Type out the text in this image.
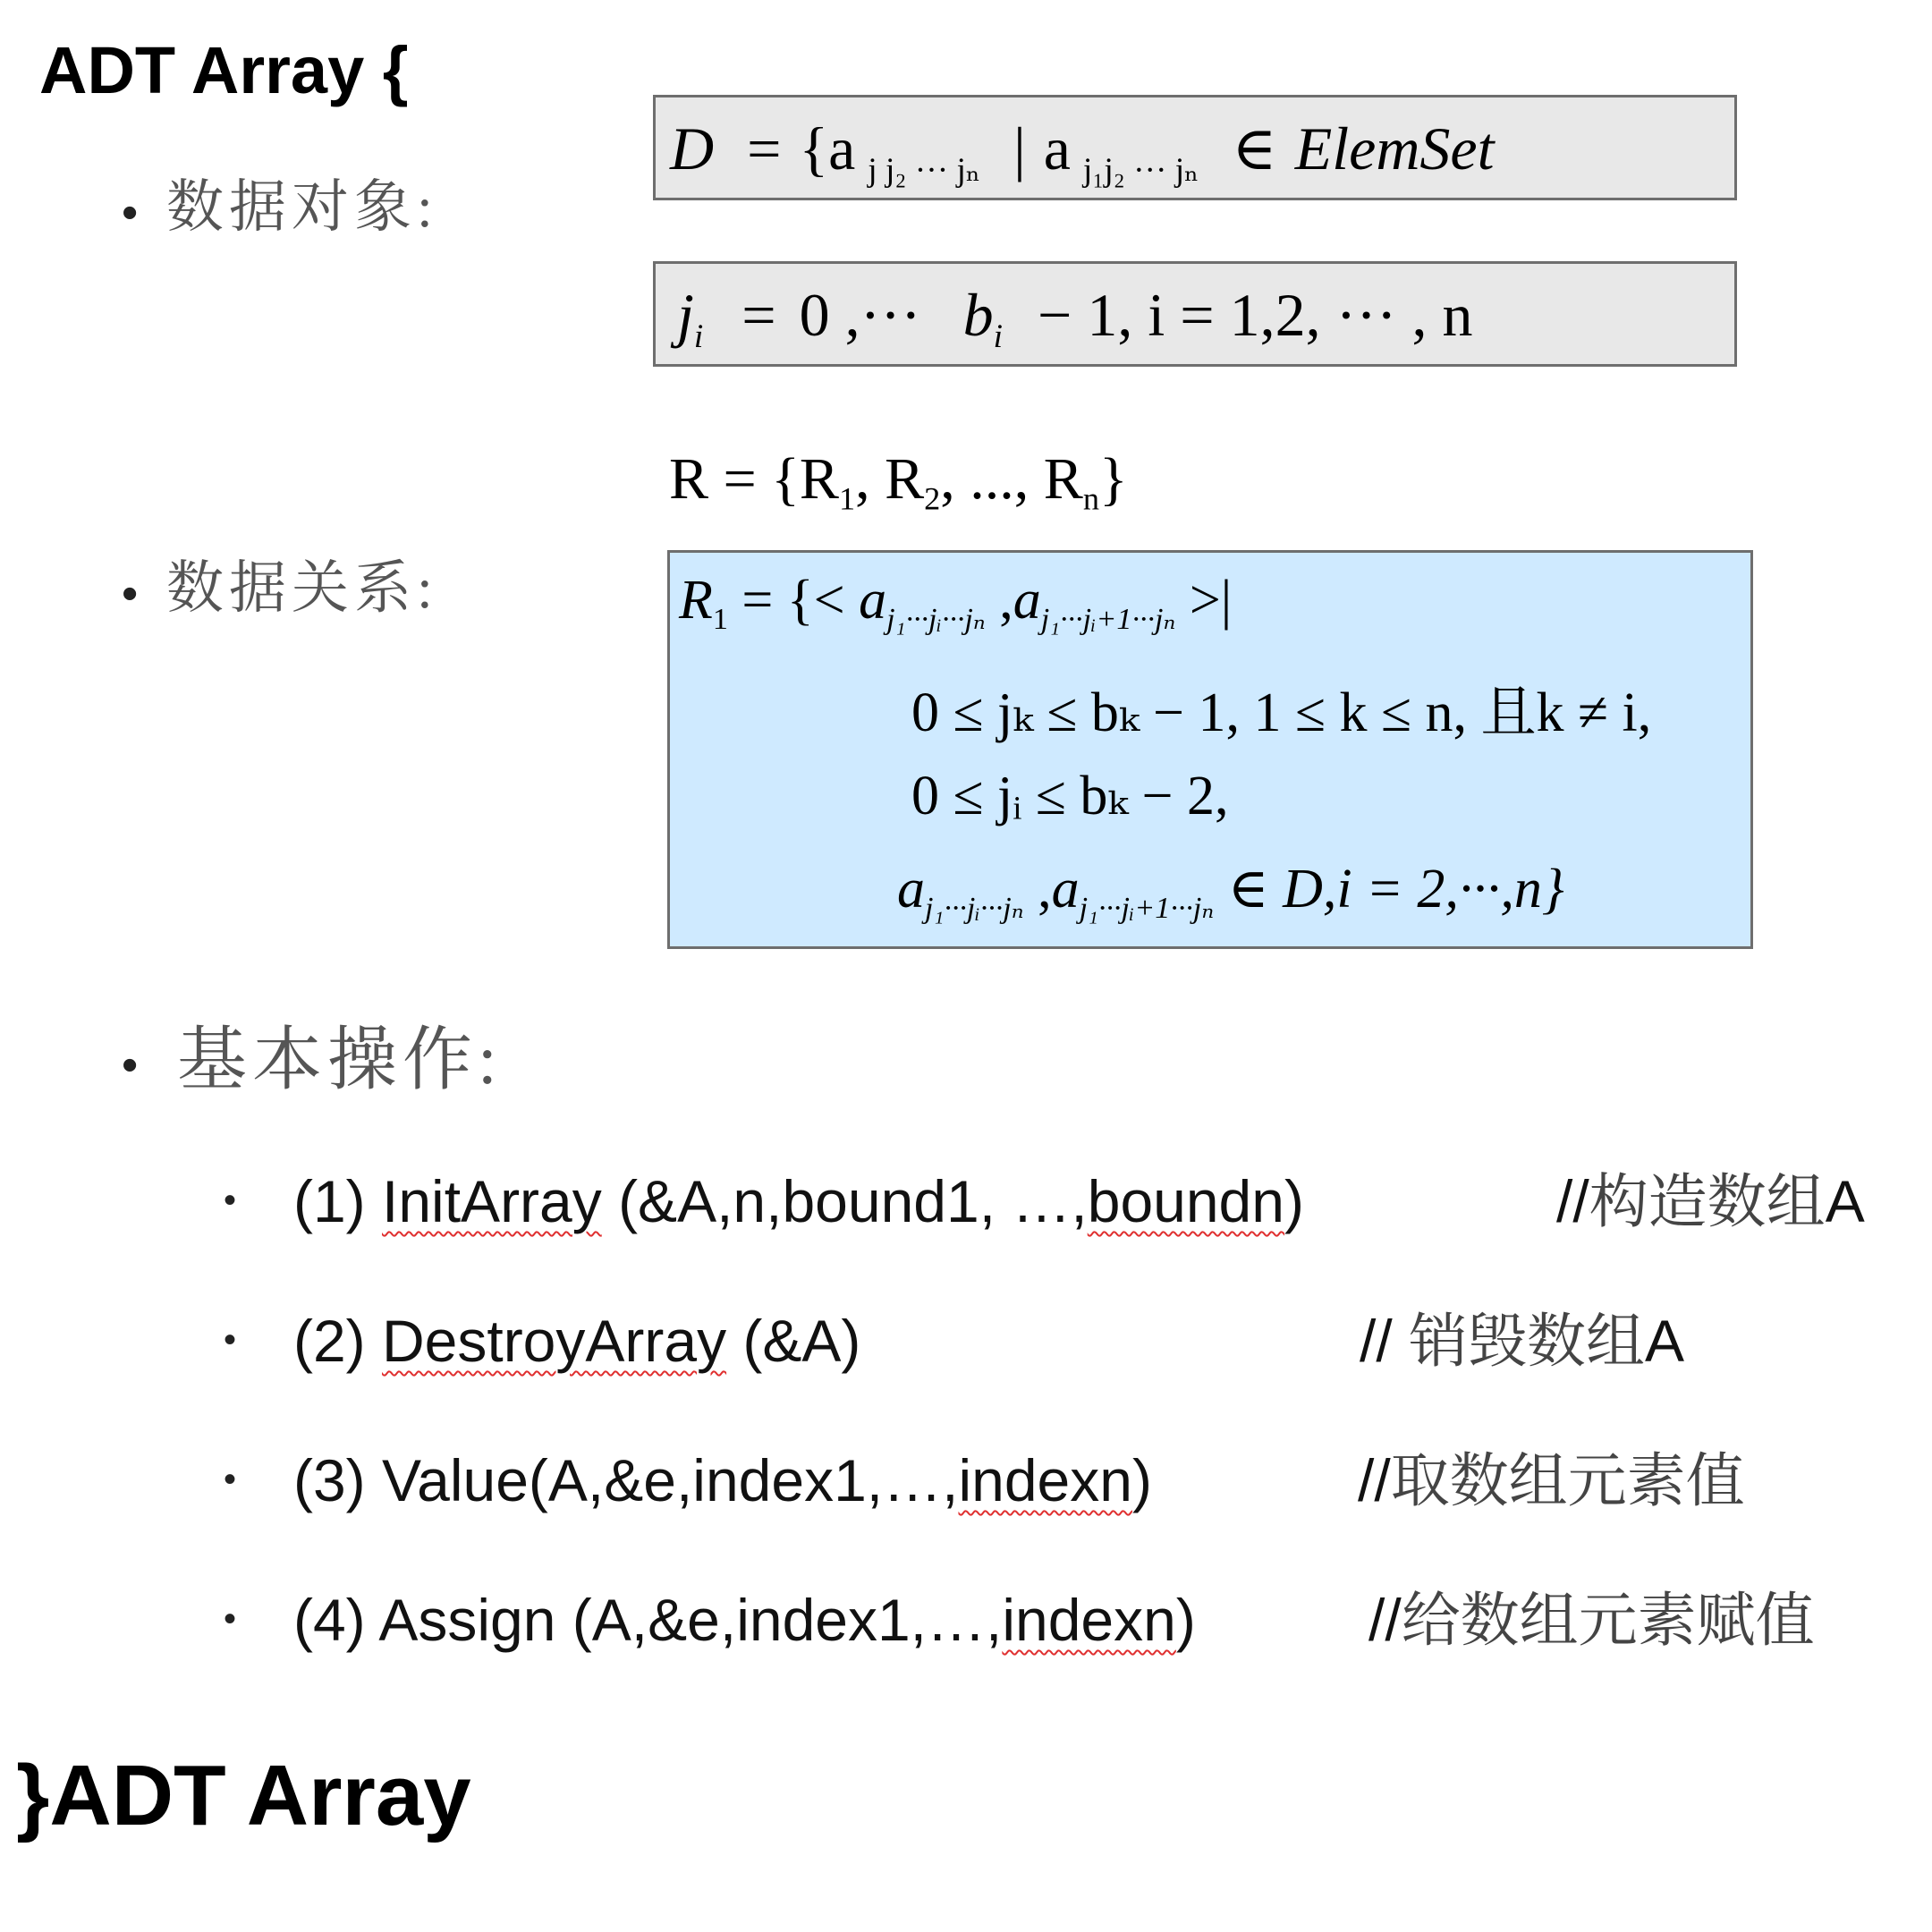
ADT Array {
• 数据对象:
D = {a $_{j j_2 \cdot\cdot\cdot j_n}$ | a $_{j_1j_2 \cdot\cdot\cdot j_n}$ ∈ ElemSet
$j_i = 0$ ,··· $b_i - 1$, i = 1,2, ··· , n
$R = \{R_1$, $R_2$, ..., $R_n$}
• 数据关系:	$R_1$ = {< $a_{j_1\cdot\cdot\cdot jᵢ\cdot\cdot\cdot j_n}$ $,a_{j_1\cdot\cdot\cdot jᵢ+1\cdot\cdot\cdot j_n}$ >|
0 ≤ jₖ ≤ bₖ − 1, 1 ≤ k ≤ n, 且k ≠ i,
0 ≤ jᵢ ≤ bₖ − 2,
$a_{j_1\cdot\cdot\cdot jᵢ\cdot\cdot\cdot j_n}$ $,a_{j_1\cdot\cdot\cdot jᵢ+1\cdot\cdot\cdot j_n}$ ∈ D,i = 2,···,n}
• 基本操作:
• (1) InitArray (&A,n,bound1, …,boundn)	//构造数组A
• (2) DestroyArray (&A)	// 销毁数组A
• (3) Value(A,&e,index1,…,indexn)	//取数组元素值
• (4) Assign (A,&e,index1,…,indexn)	//给数组元素赋值
}ADT Array
